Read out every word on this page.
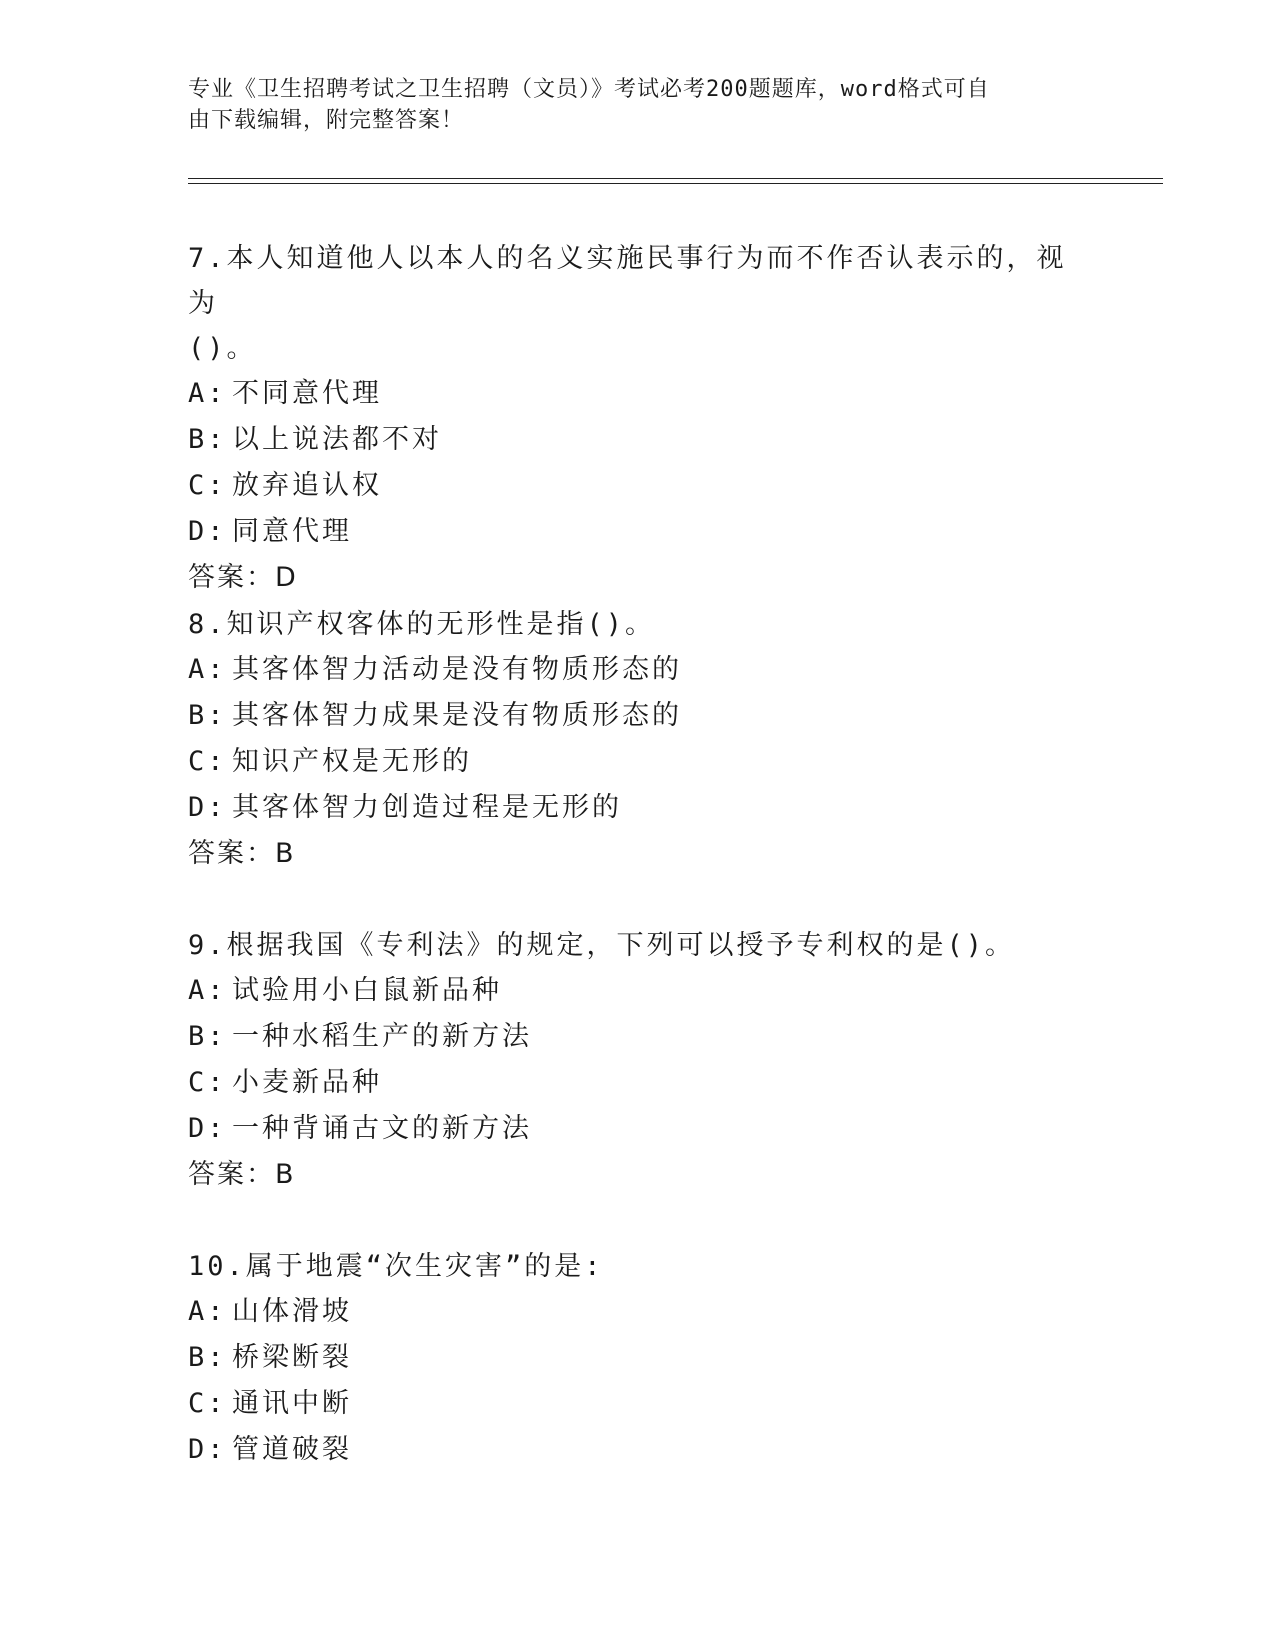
专业《卫生招聘考试之卫生招聘（文员）》考试必考200题题库，word格式可自
由下载编辑，附完整答案！
7.本人知道他人以本人的名义实施民事行为而不作否认表示的，视为
()。
A: 不同意代理
B: 以上说法都不对
C: 放弃追认权
D: 同意代理
答案：D
8.知识产权客体的无形性是指()。
A: 其客体智力活动是没有物质形态的
B: 其客体智力成果是没有物质形态的
C: 知识产权是无形的
D: 其客体智力创造过程是无形的
答案：B
9.根据我国《专利法》的规定，下列可以授予专利权的是()。
A: 试验用小白鼠新品种
B: 一种水稻生产的新方法
C: 小麦新品种
D: 一种背诵古文的新方法
答案：B
10.属于地震“次生灾害”的是:
A: 山体滑坡
B: 桥梁断裂
C: 通讯中断
D: 管道破裂
